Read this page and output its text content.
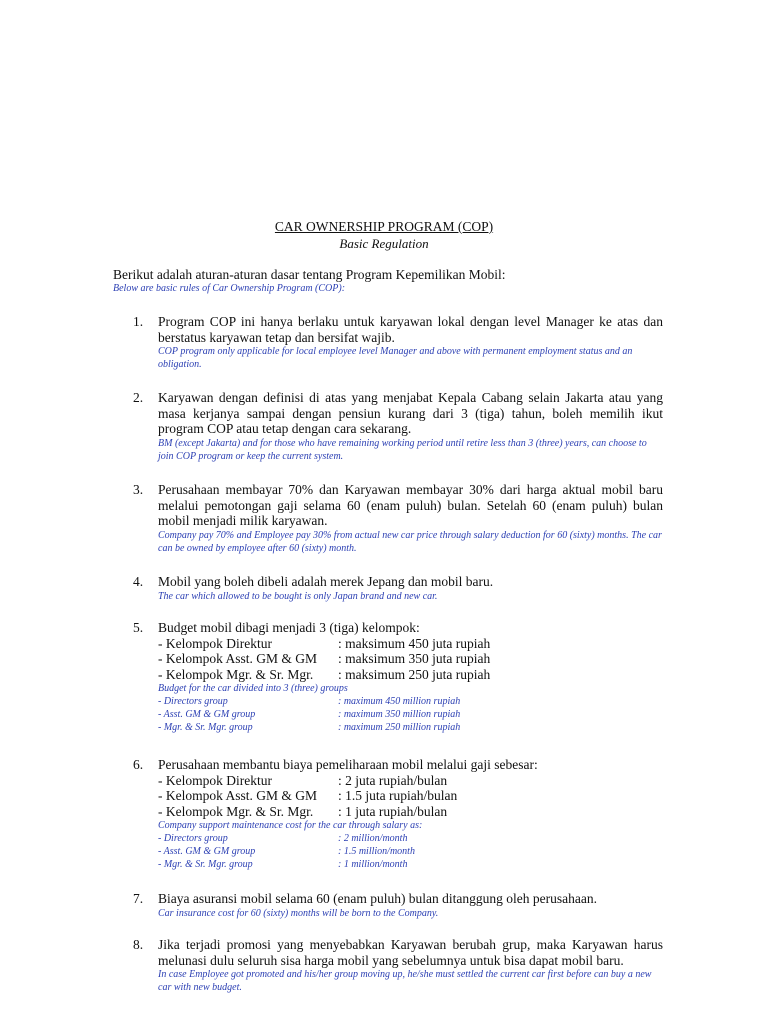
CAR OWNERSHIP PROGRAM (COP)
Basic Regulation
Berikut adalah aturan-aturan dasar tentang Program Kepemilikan Mobil:
Below are basic rules of Car Ownership Program (COP):
1. Program COP ini hanya berlaku untuk karyawan lokal dengan level Manager ke atas dan berstatus karyawan tetap dan bersifat wajib.
COP program only applicable for local employee level Manager and above with permanent employment status and an obligation.
2. Karyawan dengan definisi di atas yang menjabat Kepala Cabang selain Jakarta atau yang masa kerjanya sampai dengan pensiun kurang dari 3 (tiga) tahun, boleh memilih ikut program COP atau tetap dengan cara sekarang.
BM (except Jakarta) and for those who have remaining working period until retire less than 3 (three) years, can choose to join COP program or keep the current system.
3. Perusahaan membayar 70% dan Karyawan membayar 30% dari harga aktual mobil baru melalui pemotongan gaji selama 60 (enam puluh) bulan. Setelah 60 (enam puluh) bulan mobil menjadi milik karyawan.
Company pay 70% and Employee pay 30% from actual new car price through salary deduction for 60 (sixty) months. The car can be owned by employee after 60 (sixty) month.
4. Mobil yang boleh dibeli adalah merek Jepang dan mobil baru.
The car which allowed to be bought is only Japan brand and new car.
5. Budget mobil dibagi menjadi 3 (tiga) kelompok:
- Kelompok Direktur	: maksimum 450 juta rupiah
- Kelompok Asst. GM & GM	: maksimum 350 juta rupiah
- Kelompok Mgr. & Sr. Mgr.	: maksimum 250 juta rupiah
Budget for the car divided into 3 (three) groups
- Directors group	: maximum 450 million rupiah
- Asst. GM & GM group	: maximum 350 million rupiah
- Mgr. & Sr. Mgr. group	: maximum 250 million rupiah
6. Perusahaan membantu biaya pemeliharaan mobil melalui gaji sebesar:
- Kelompok Direktur	: 2 juta rupiah/bulan
- Kelompok Asst. GM & GM	: 1.5 juta rupiah/bulan
- Kelompok Mgr. & Sr. Mgr.	: 1 juta rupiah/bulan
Company support maintenance cost for the car through salary as:
- Directors group	: 2 million/month
- Asst. GM & GM group	: 1.5 million/month
- Mgr. & Sr. Mgr. group	: 1 million/month
7. Biaya asuransi mobil selama 60 (enam puluh) bulan ditanggung oleh perusahaan.
Car insurance cost for 60 (sixty) months will be born to the Company.
8. Jika terjadi promosi yang menyebabkan Karyawan berubah grup, maka Karyawan harus melunasi dulu seluruh sisa harga mobil yang sebelumnya untuk bisa dapat mobil baru.
In case Employee got promoted and his/her group moving up, he/she must settled the current car first before can buy a new car with new budget.
